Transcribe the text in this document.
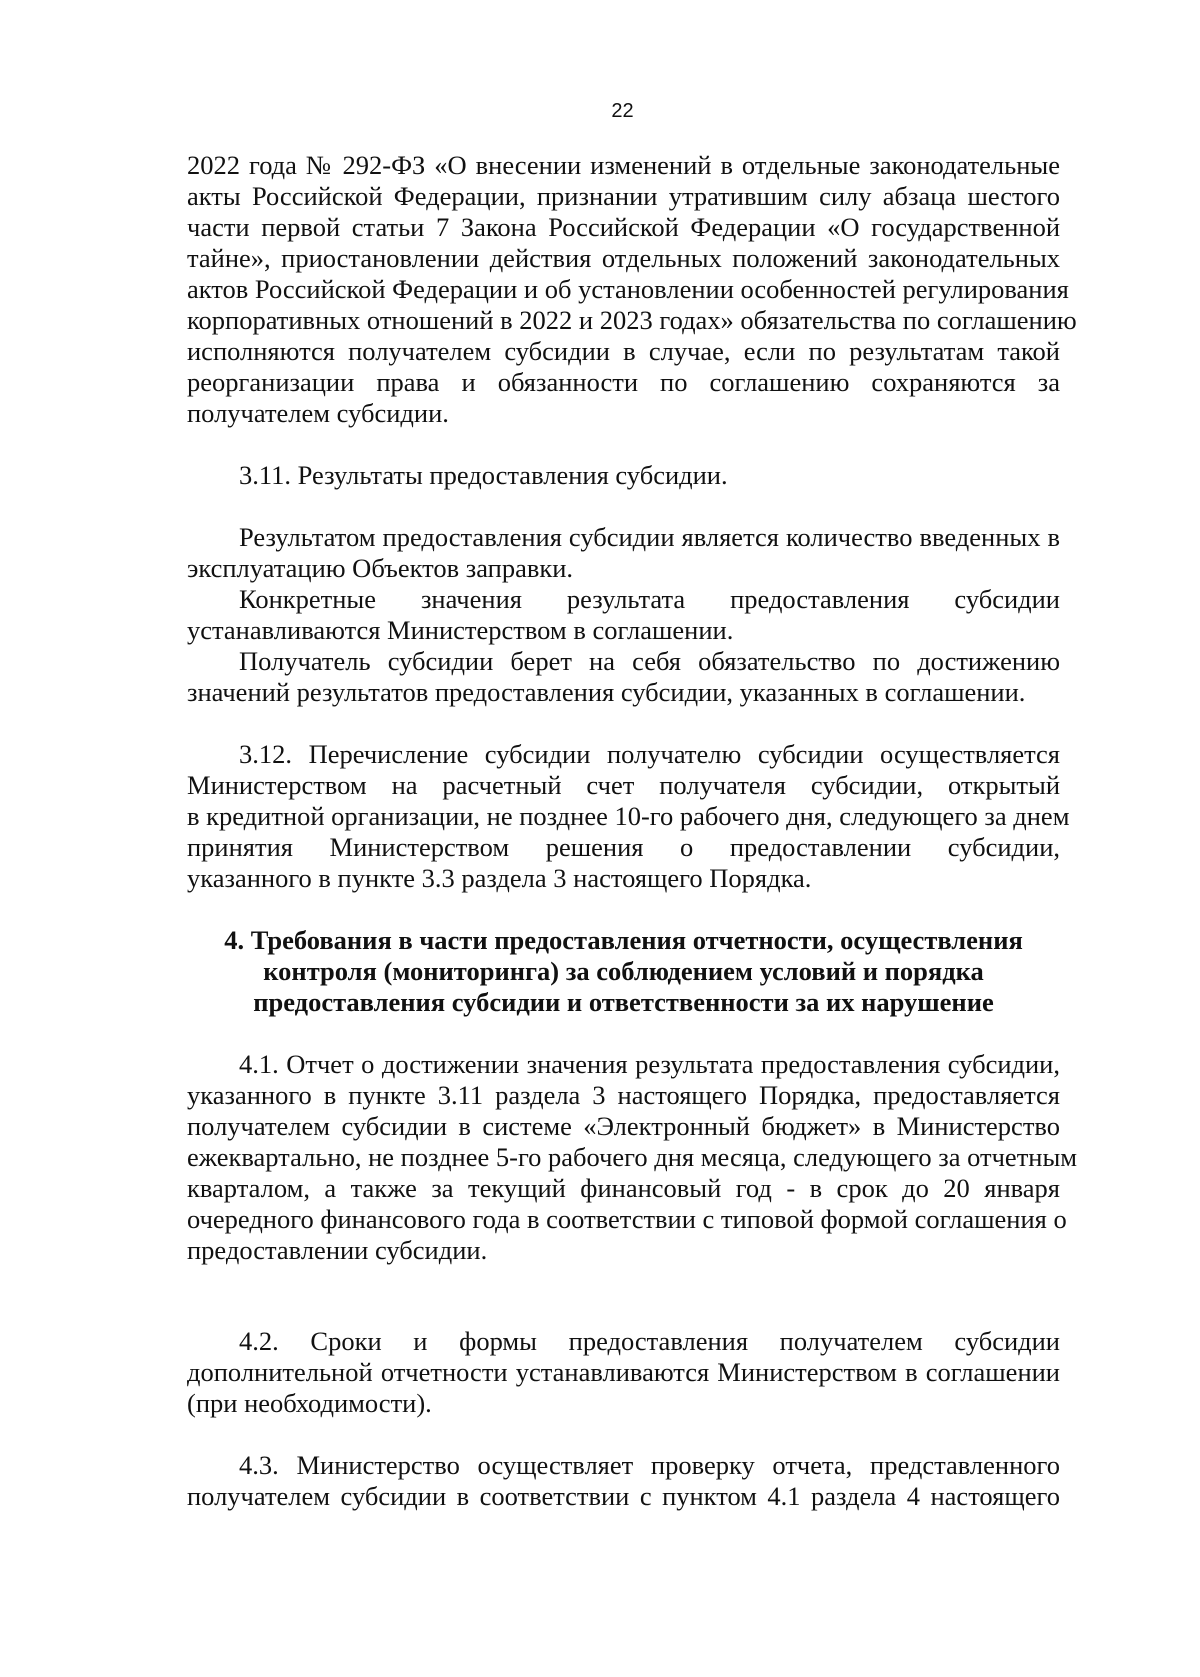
22
2022 года № 292-ФЗ «О внесении изменений в отдельные законодательные
акты Российской Федерации, признании утратившим силу абзаца шестого
части первой статьи 7 Закона Российской Федерации «О государственной
тайне», приостановлении действия отдельных положений законодательных
актов Российской Федерации и об установлении особенностей регулирования
корпоративных отношений в 2022 и 2023 годах» обязательства по соглашению
исполняются получателем субсидии в случае, если по результатам такой
реорганизации права и обязанности по соглашению сохраняются за
получателем субсидии.
3.11. Результаты предоставления субсидии.
Результатом предоставления субсидии является количество введенных в
эксплуатацию Объектов заправки.
Конкретные значения результата предоставления субсидии
устанавливаются Министерством в соглашении.
Получатель субсидии берет на себя обязательство по достижению
значений результатов предоставления субсидии, указанных в соглашении.
3.12. Перечисление субсидии получателю субсидии осуществляется
Министерством на расчетный счет получателя субсидии, открытый
в кредитной организации, не позднее 10-го рабочего дня, следующего за днем
принятия Министерством решения о предоставлении субсидии,
указанного в пункте 3.3 раздела 3 настоящего Порядка.
4. Требования в части предоставления отчетности, осуществления
контроля (мониторинга) за соблюдением условий и порядка
предоставления субсидии и ответственности за их нарушение
4.1. Отчет о достижении значения результата предоставления субсидии,
указанного в пункте 3.11 раздела 3 настоящего Порядка, предоставляется
получателем субсидии в системе «Электронный бюджет» в Министерство
ежеквартально, не позднее 5-го рабочего дня месяца, следующего за отчетным
кварталом, а также за текущий финансовый год - в срок до 20 января
очередного финансового года в соответствии с типовой формой соглашения о
предоставлении субсидии.
4.2. Сроки и формы предоставления получателем субсидии
дополнительной отчетности устанавливаются Министерством в соглашении
(при необходимости).
4.3. Министерство осуществляет проверку отчета, представленного
получателем субсидии в соответствии с пунктом 4.1 раздела 4 настоящего
